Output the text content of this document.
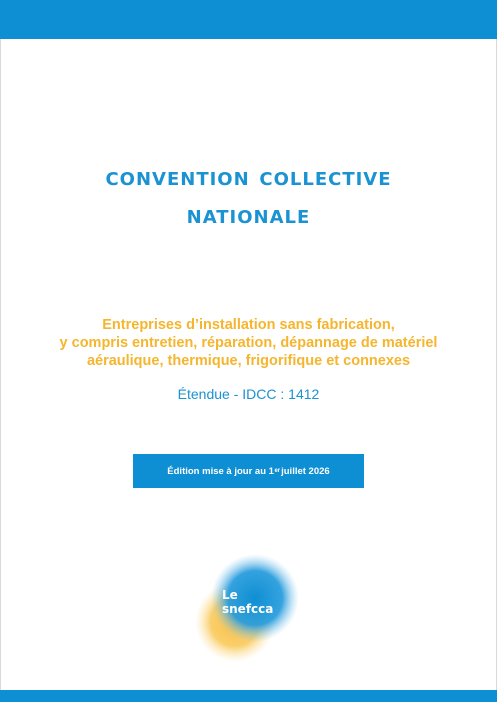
convention collective
nationale
Entreprises d’installation sans fabrication,
y compris entretien, réparation, dépannage de matériel
aéraulique, thermique, frigorifique et connexes
Étendue - IDCC : 1412
Édition mise à jour au 1 er juillet 2026
Le
snefcca
